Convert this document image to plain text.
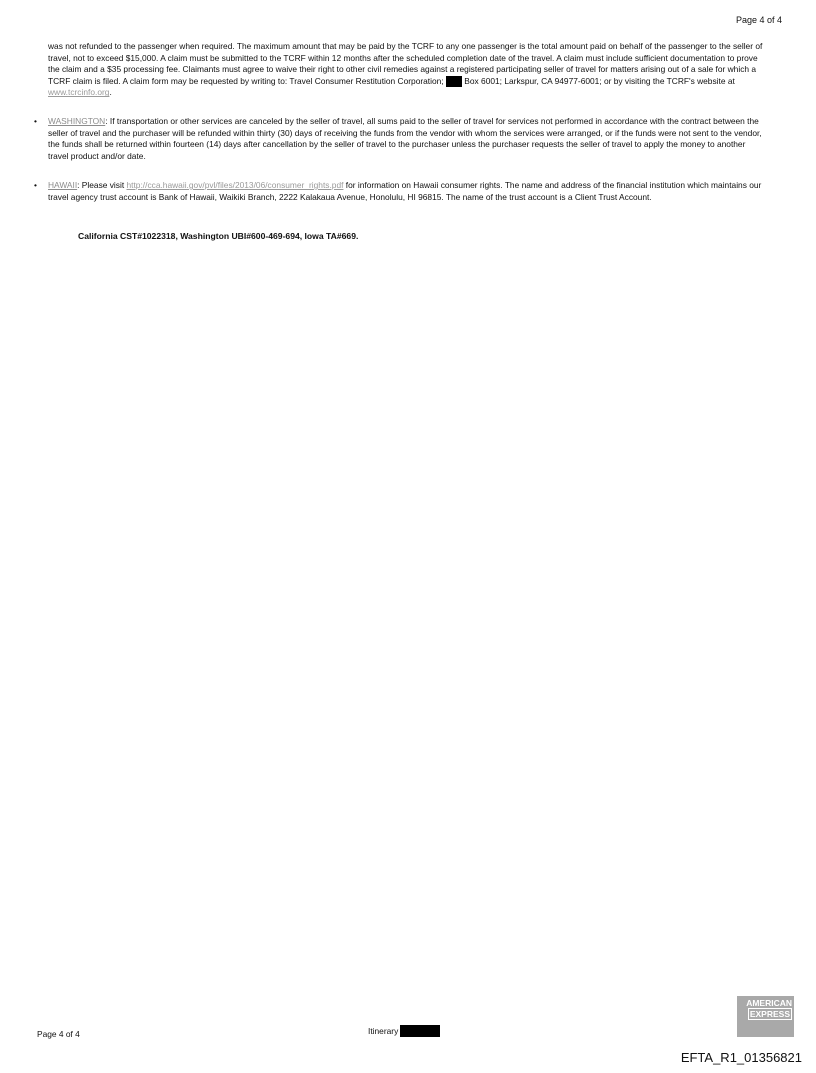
Page 4 of 4

was not refunded to the passenger when required. The maximum amount that may be paid by the TCRF to any one passenger is the total amount paid on behalf of the passenger to the seller of travel, not to exceed $15,000. A claim must be submitted to the TCRF within 12 months after the scheduled completion date of the travel. A claim must include sufficient documentation to prove the claim and a $35 processing fee. Claimants must agree to waive their right to other civil remedies against a registered participating seller of travel for matters arising out of a sale for which a TCRF claim is filed. A claim form may be requested by writing to: Travel Consumer Restitution Corporation; Box 6001; Larkspur, CA 94977-6001; or by visiting the TCRF's website at www.tcrcinfo.org.

• WASHINGTON: If transportation or other services are canceled by the seller of travel, all sums paid to the seller of travel for services not performed in accordance with the contract between the seller of travel and the purchaser will be refunded within thirty (30) days of receiving the funds from the vendor with whom the services were arranged, or if the funds were not sent to the vendor, the funds shall be returned within fourteen (14) days after cancellation by the seller of travel to the purchaser unless the purchaser requests the seller of travel to apply the money to another travel product and/or date.
• HAWAII: Please visit http://cca.hawaii.gov/pvl/files/2013/06/consumer_rights.pdf for information on Hawaii consumer rights. The name and address of the financial institution which maintains our travel agency trust account is Bank of Hawaii, Waikiki Branch, 2222 Kalakaua Avenue, Honolulu, HI 96815. The name of the trust account is a Client Trust Account.
California CST#1022318, Washington UBI#600-469-694, Iowa TA#669.
Page 4 of 4	Itinerary
AMERICAN
EXPRESS
EFTA_R1_01356821
